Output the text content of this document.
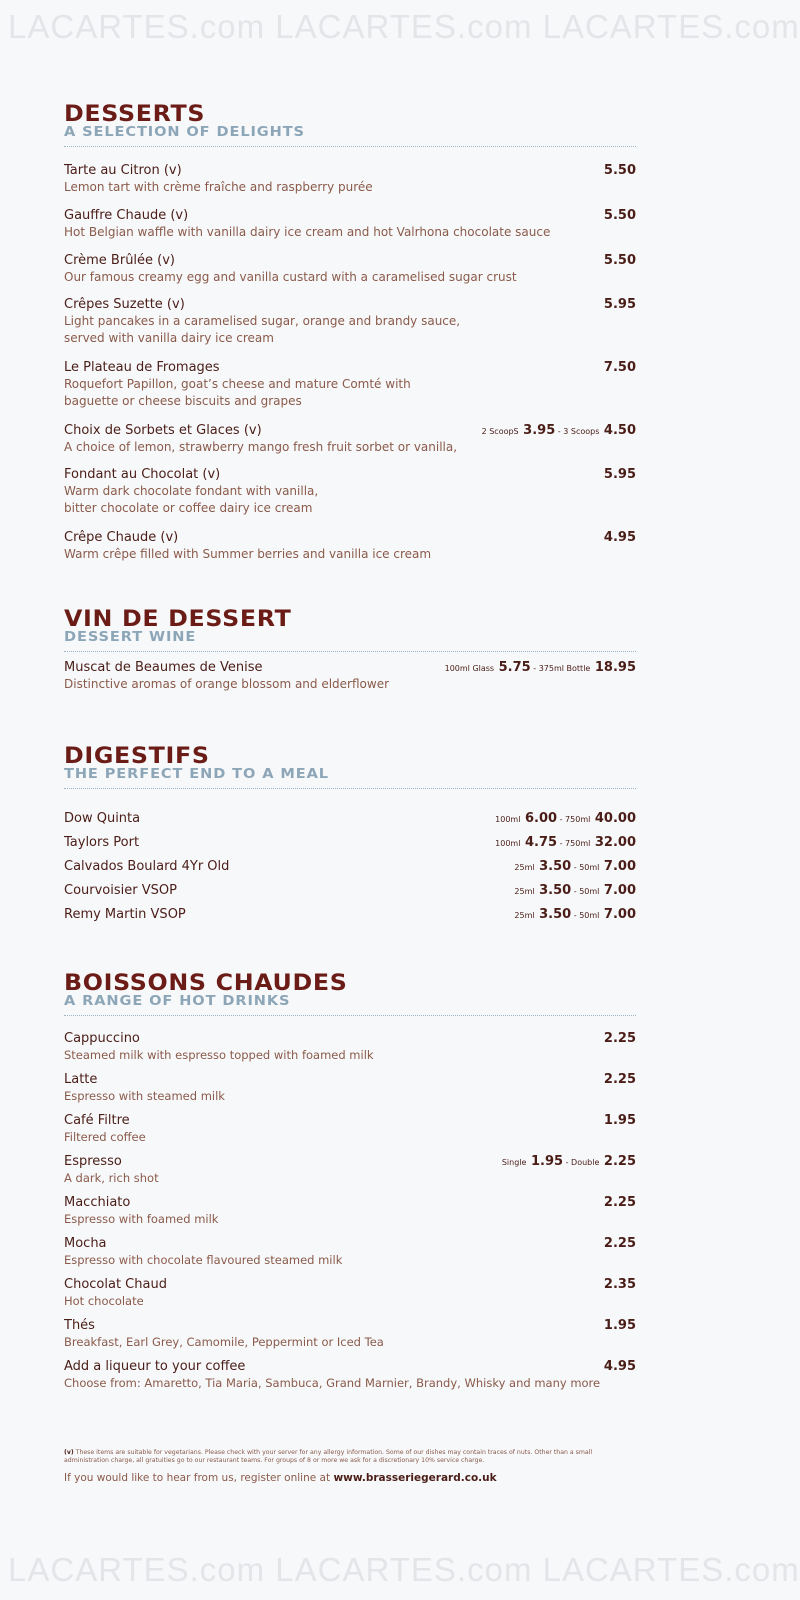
LACARTES.com LACARTES.com LACARTES.com
DESSERTS
A SELECTION OF DELIGHTS
Tarte au Citron (v)	5.50
Lemon tart with crème fraîche and raspberry purée
Gauffre Chaude (v)	5.50
Hot Belgian waffle with vanilla dairy ice cream and hot Valrhona chocolate sauce
Crème Brûlée (v)	5.50
Our famous creamy egg and vanilla custard with a caramelised sugar crust
Crêpes Suzette (v)	5.95
Light pancakes in a caramelised sugar, orange and brandy sauce,
served with vanilla dairy ice cream
Le Plateau de Fromages	7.50
Roquefort Papillon, goat’s cheese and mature Comté with
baguette or cheese biscuits and grapes
Choix de Sorbets et Glaces (v)	2 ScoopS 3.95 - 3 Scoops 4.50
A choice of lemon, strawberry mango fresh fruit sorbet or vanilla,
Fondant au Chocolat (v)	5.95
Warm dark chocolate fondant with vanilla,
bitter chocolate or coffee dairy ice cream
Crêpe Chaude (v)	4.95
Warm crêpe filled with Summer berries and vanilla ice cream
VIN DE DESSERT
DESSERT WINE
Muscat de Beaumes de Venise	100ml Glass 5.75 - 375ml Bottle 18.95
Distinctive aromas of orange blossom and elderflower
DIGESTIFS
THE PERFECT END TO A MEAL
Dow Quinta	100ml 6.00 - 750ml 40.00
Taylors Port	100ml 4.75 - 750ml 32.00
Calvados Boulard 4Yr Old	25ml 3.50 - 50ml 7.00
Courvoisier VSOP	25ml 3.50 - 50ml 7.00
Remy Martin VSOP	25ml 3.50 - 50ml 7.00
BOISSONS CHAUDES
A RANGE OF HOT DRINKS
Cappuccino	2.25
Steamed milk with espresso topped with foamed milk
Latte	2.25
Espresso with steamed milk
Café Filtre	1.95
Filtered coffee
Espresso	Single 1.95 - Double 2.25
A dark, rich shot
Macchiato	2.25
Espresso with foamed milk
Mocha	2.25
Espresso with chocolate flavoured steamed milk
Chocolat Chaud	2.35
Hot chocolate
Thés	1.95
Breakfast, Earl Grey, Camomile, Peppermint or Iced Tea
Add a liqueur to your coffee	4.95
Choose from: Amaretto, Tia Maria, Sambuca, Grand Marnier, Brandy, Whisky and many more
(v) These items are suitable for vegetarians. Please check with your server for any allergy information. Some of our dishes may contain traces of nuts. Other than a small administration charge, all gratuities go to our restaurant teams. For groups of 8 or more we ask for a discretionary 10% service charge.
If you would like to hear from us, register online at www.brasseriegerard.co.uk
LACARTES.com LACARTES.com LACARTES.com
